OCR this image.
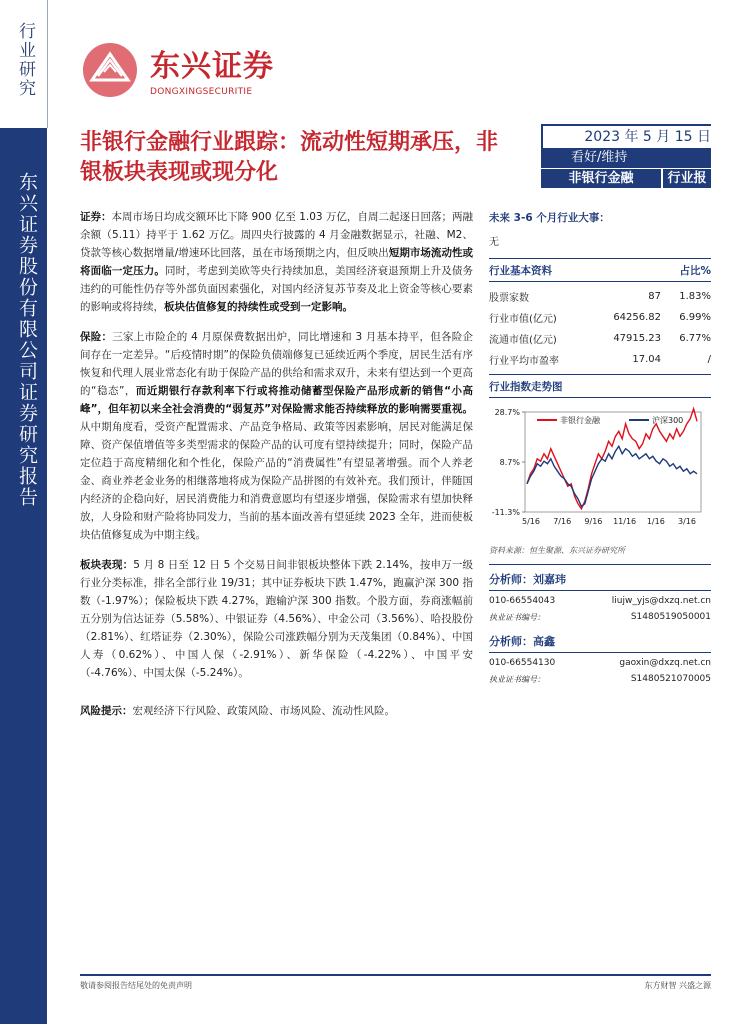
行业研究
东兴证券股份有限公司证券研究报告
东兴证券
DONGXINGSECURITIE
非银行金融行业跟踪：流动性短期承压，非银板块表现或现分化
2023 年 5 月 15 日
看好/维持
非银行金融	行业报告

证券：本周市场日均成交额环比下降 900 亿至 1.03 万亿，自周二起逐日回落；两融余额（5.11）持平于 1.62 万亿。周四央行披露的 4 月金融数据显示，社融、M2、贷款等核心数据增量/增速环比回落，虽在市场预期之内，但反映出短期市场流动性或将面临一定压力。同时，考虑到美欧等央行持续加息，美国经济衰退预期上升及债务违约的可能性仍存等外部负面因素强化，对国内经济复苏节奏及北上资金等核心要素的影响或将持续，板块估值修复的持续性或受到一定影响。

保险：三家上市险企的 4 月原保费数据出炉，同比增速和 3 月基本持平，但各险企间存在一定差异。“后疫情时期”的保险负债端修复已延续近两个季度，居民生活有序恢复和代理人展业常态化有助于保险产品的供给和需求双升，未来有望达到一个更高的“稳态”，而近期银行存款利率下行或将推动储蓄型保险产品形成新的销售“小高峰”，但年初以来全社会消费的“弱复苏”对保险需求能否持续释放的影响需要重视。从中期角度看，受资产配置需求、产品竞争格局、政策等因素影响，居民对能满足保障、资产保值增值等多类型需求的保险产品的认可度有望持续提升；同时，保险产品定位趋于高度精细化和个性化，保险产品的“消费属性”有望显著增强。而个人养老金、商业养老金业务的相继落地将成为保险产品拼图的有效补充。我们预计，伴随国内经济的企稳向好，居民消费能力和消费意愿均有望逐步增强，保险需求有望加快释放，人身险和财产险将协同发力，当前的基本面改善有望延续 2023 全年，进而使板块估值修复成为中期主线。

板块表现：5 月 8 日至 12 日 5 个交易日间非银板块整体下跌 2.14%，按申万一级行业分类标准，排名全部行业 19/31；其中证券板块下跌 1.47%，跑赢沪深 300 指数（-1.97%）；保险板块下跌 4.27%，跑输沪深 300 指数。个股方面，券商涨幅前五分别为信达证券（5.58%）、中银证券（4.56%）、中金公司（3.56%）、哈投股份（2.81%）、红塔证券（2.30%），保险公司涨跌幅分别为天茂集团（0.84%）、中国人寿（0.62%）、中国人保（-2.91%）、新华保险（-4.22%）、中国平安（-4.76%）、中国太保（-5.24%）。

风险提示：宏观经济下行风险、政策风险、市场风险、流动性风险。

未来 3-6 个月行业大事：
无
行业基本资料	占比%
股票家数	87	1.83%
行业市值(亿元)	64256.82	6.99%
流通市值(亿元)	47915.23	6.77%
行业平均市盈率	17.04	/
行业指数走势图
28.7%
8.7%
-11.3%
5/16 7/16 9/16 11/16 1/16 3/16
非银行金融	沪深300
资料来源：恒生聚源、东兴证券研究所
分析师：刘嘉玮
010-66554043	liujw_yjs@dxzq.net.cn
执业证书编号：	S1480519050001
分析师：高鑫
010-66554130	gaoxin@dxzq.net.cn
执业证书编号：	S1480521070005
敬请参阅报告结尾处的免责声明	东方财智 兴盛之源
